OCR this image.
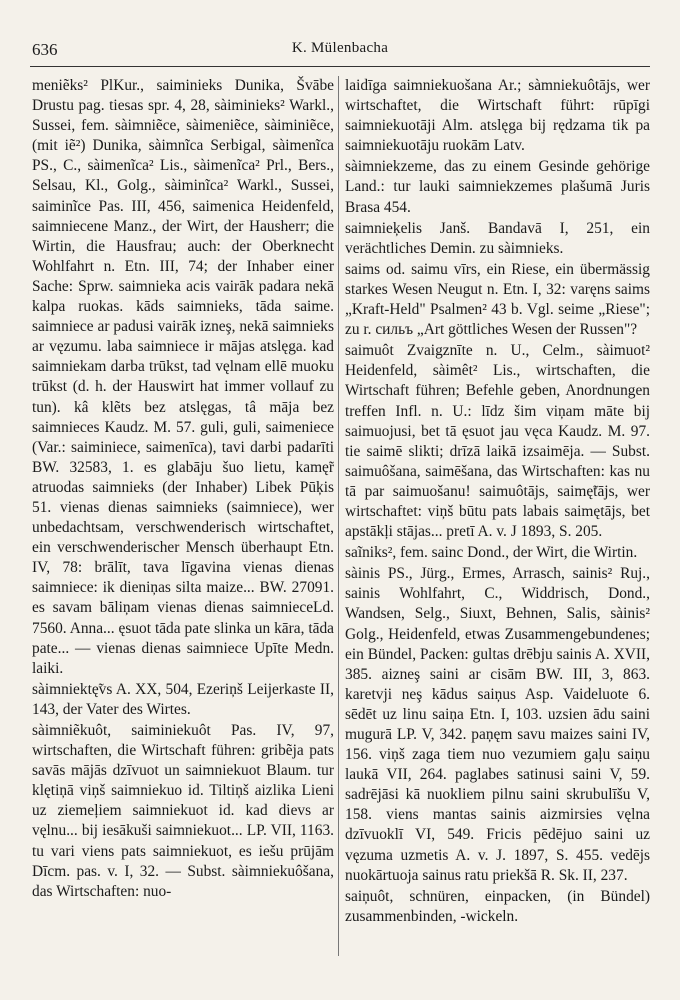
636	K. Mülenbacha

meniẽks² PlKur., saiminieks Dunika, Švābe Drustu pag. tiesas spr. 4, 28, sàiminieks² Warkl., Sussei, fem. sàimniẽce, sàimeniẽce, sàiminiẽce, (mit iẽ²) Dunika, sàimnĩca Serbigal, sàimenĩca PS., C., sàimenĩca² Lis., sàimenĩca² Prl., Bers., Selsau, Kl., Golg., sàiminĩca² Warkl., Sussei, saiminĩce Pas. III, 456, saimenica Heidenfeld, saimniecene Manz., der Wirt, der Hausherr; die Wirtin, die Hausfrau; auch: der Oberknecht Wohlfahrt n. Etn. III, 74; der Inhaber einer Sache: Sprw. saimnieka acis vairāk padara nekā kalpa ruokas. kāds saimnieks, tāda saime. saimniece ar padusi vairāk izneş, nekā saimnieks ar vęzumu. laba saimniece ir mājas atslęga. kad saimniekam darba trūkst, tad vęlnam ellē muoku trūkst (d. h. der Hauswirt hat immer vollauf zu tun). kâ klẽts bez atslęgas, tâ māja bez saimnieces Kaudz. M. 57. guli, guli, saimeniece (Var.: saiminiece, saimenīca), tavi darbi padarīti BW. 32583, 1. es glabāju šuo lietu, kamę̃r atruodas saimnieks (der Inhaber) Libek Pūķis 51. vienas dienas saimnieks (saimniece), wer unbedachtsam, verschwenderisch wirtschaftet, ein verschwenderischer Mensch überhaupt Etn. IV, 78: brālīt, tava līgavina vienas dienas saimniece: ik dieniņas silta maize... BW. 27091. es savam bāliņam vienas dienas saimnieceLd. 7560. Anna... ęsuot tāda pate slinka un kāra, tāda pate... — vienas dienas saimniece Upīte Medn. laiki.

sàimniektę̃vs A. XX, 504, Ezeriņš Leijerkaste II, 143, der Vater des Wirtes.

sàimniẽkuôt, saiminiekuôt Pas. IV, 97, wirtschaften, die Wirtschaft führen: gribẽja pats savās mājās dzīvuot un saimniekuot Blaum. tur klętiņā viņš saimniekuo id. Tiltiņš aizlika Lieni uz ziemeļiem saimniekuot id. kad dievs ar vęlnu... bij iesākuši saimniekuot... LP. VII, 1163. tu vari viens pats saimniekuot, es iešu prūjām Dīcm. pas. v. I, 32. — Subst. sàimniekuôšana, das Wirtschaften: nuo-

laidīga saimniekuošana Ar.; sàmniekuôtājs, wer wirtschaftet, die Wirtschaft führt: rūpīgi saimniekuotāji Alm. atslęga bij rędzama tik pa saimniekuotāju ruokām Latv.

sàimniekzeme, das zu einem Gesinde gehörige Land.: tur lauki saimniekzemes plašumā Juris Brasa 454.

saimnieķelis Janš. Bandavā I, 251, ein verächtliches Demin. zu sàimnieks.

saims od. saimu vīrs, ein Riese, ein übermässig starkes Wesen Neugut n. Etn. I, 32: varęns saims „Kraft-Held" Psalmen² 43 b. Vgl. seime „Riese"; zu r. сильъ „Art göttliches Wesen der Russen"?

saimuôt Zvaigznīte n. U., Celm., sàimuot² Heidenfeld, sàimêt² Lis., wirtschaften, die Wirtschaft führen; Befehle geben, Anordnungen treffen Infl. n. U.: līdz šim viņam māte bij saimuojusi, bet tā ęsuot jau vęca Kaudz. M. 97. tie saimē slikti; drīzā laikā izsaimēja. — Subst. saimuôšana, saimēšana, das Wirtschaften: kas nu tā par saimuošanu! saimuôtājs, saimę̃tājs, wer wirtschaftet: viņš būtu pats labais saimętājs, bet apstākļi stājas... pretī A. v. J 1893, S. 205.

saĩniks², fem. sainc Dond., der Wirt, die Wirtin.

sàinis PS., Jürg., Ermes, Arrasch, sainis² Ruj., sainis Wohlfahrt, C., Widdrisch, Dond., Wandsen, Selg., Siuxt, Behnen, Salis, sàinis² Golg., Heidenfeld, etwas Zusammengebundenes; ein Bündel, Packen: gultas drēbju sainis A. XVII, 385. aizneş saini ar cisām BW. III, 3, 863. karetvji neş kādus saiņus Asp. Vaideluote 6. sēdēt uz linu saiņa Etn. I, 103. uzsien ādu saini mugurā LP. V, 342. paņęm savu maizes saini IV, 156. viņš zaga tiem nuo vezumiem gaļu saiņu laukā VII, 264. paglabes satinusi saini V, 59. sadrējāsi kā nuokliem pilnu saini skrubulīšu V, 158. viens mantas sainis aizmirsies vęlna dzīvuoklī VI, 549. Fricis pēdējuo saini uz vęzuma uzmetis A. v. J. 1897, S. 455. vedējs nuokārtuoja sainus ratu priekšā R. Sk. II, 237.

saiņuôt, schnüren, einpacken, (in Bündel) zusammenbinden, -wickeln.
